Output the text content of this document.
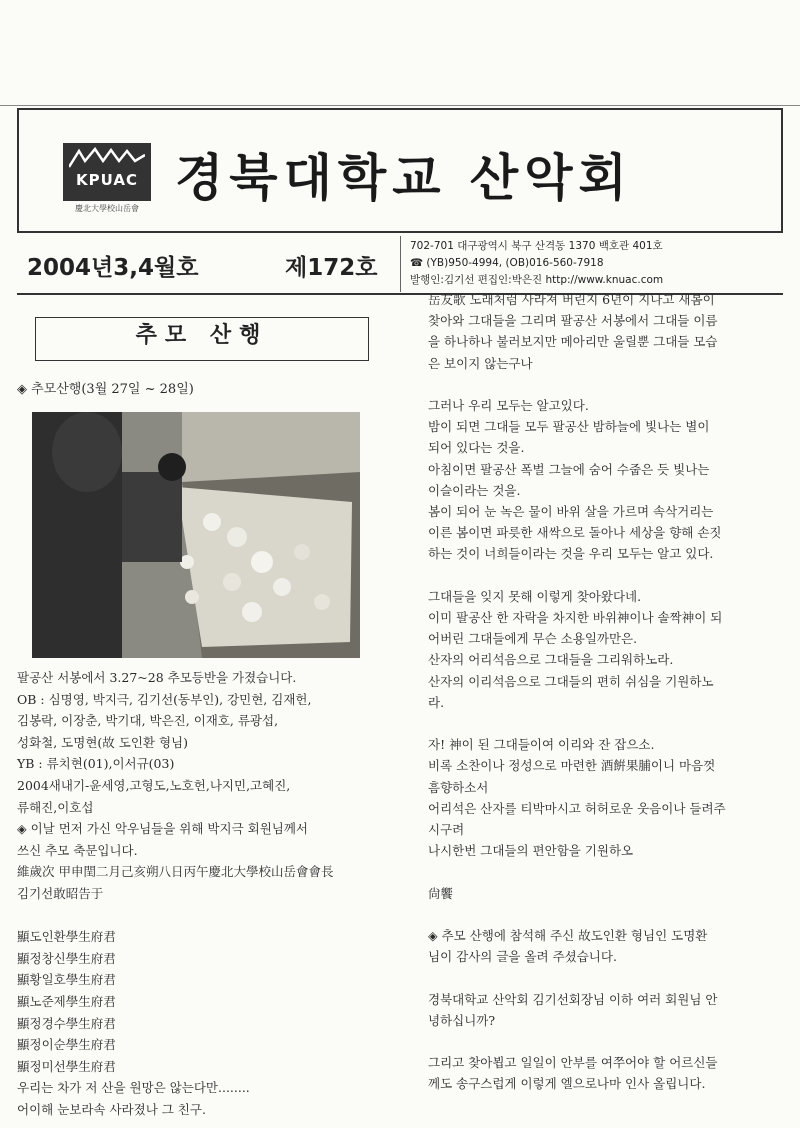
KPUAC
慶北大學校山岳會
경북대학교 산악회
2004년3,4월호	제172호
702-701 대구광역시 북구 산격동 1370 백호관 401호
☎ (YB)950-4994, (OB)016-560-7918
발행인:김기선 편집인:박은진 http://www.knuac.com
추모 산행
◈ 추모산행(3월 27일 ~ 28일)
팔공산 서봉에서 3.27~28 추모등반을 가졌습니다.
OB : 심명영, 박지극, 김기선(동부인), 강민현, 김재헌,
김봉락, 이장춘, 박기대, 박은진, 이재호, 류광섭,
성화철, 도명현(故 도인환 형님)
YB : 류치현(01),이서규(03)
2004새내기-윤세영,고형도,노호헌,나지민,고혜진,
류해진,이호섭
◈ 이날 먼저 가신 악우님들을 위해 박지극 회원님께서
쓰신 추모 축문입니다.
維歲次 甲申閏二月己亥朔八日丙午慶北大學校山岳會會長
김기선敢昭告于
顯도인환學生府君
顯정창신學生府君
顯황일호學生府君
顯노준제學生府君
顯정경수學生府君
顯정이순學生府君
顯정미선學生府君
우리는 차가 저 산을 원망은 않는다만........
어이해 눈보라속 사라졌나 그 친구.
岳友歌 노래처럼 사라져 버린지 6년이 지나고 새봄이
찾아와 그대들을 그리며 팔공산 서봉에서 그대들 이름
을 하나하나 불러보지만 메아리만 울릴뿐 그대들 모습
은 보이지 않는구나
그러나 우리 모두는 알고있다.
밤이 되면 그대들 모두 팔공산 밤하늘에 빛나는 별이
되어 있다는 것을.
아침이면 팔공산 폭벌 그늘에 숨어 수줍은 듯 빛나는
이슬이라는 것을.
봄이 되어 눈 녹은 물이 바위 살을 가르며 속삭거리는
이른 봄이면 파릇한 새싹으로 돌아나 세상을 향해 손짓
하는 것이 너희들이라는 것을 우리 모두는 알고 있다.
그대들을 잊지 못해 이렇게 찾아왔다네.
이미 팔공산 한 자락을 차지한 바위神이나 솔짝神이 되
어버린 그대들에게 무슨 소용일까만은.
산자의 어리석음으로 그대들을 그리워하노라.
산자의 이리석음으로 그대들의 편히 쉬심을 기원하노
라.
자! 神이 된 그대들이여 이리와 잔 잡으소.
비록 소찬이나 정성으로 마련한 酒餠果脯이니 마음껏
흠향하소서
어리석은 산자를 티박마시고 허허로운 웃음이나 들려주
시구려
나시한번 그대들의 편안함을 기원하오
尙饗
◈ 추모 산행에 참석해 주신 故도인환 형님인 도명환
님이 감사의 글을 올려 주셨습니다.
경북대학교 산악회 김기선회장님 이하 여러 회원님 안
녕하십니까?
그리고 찾아뵙고 일일이 안부를 여쭈어야 할 어르신들
께도 송구스럽게 이렇게 엘으로나마 인사 올립니다.
